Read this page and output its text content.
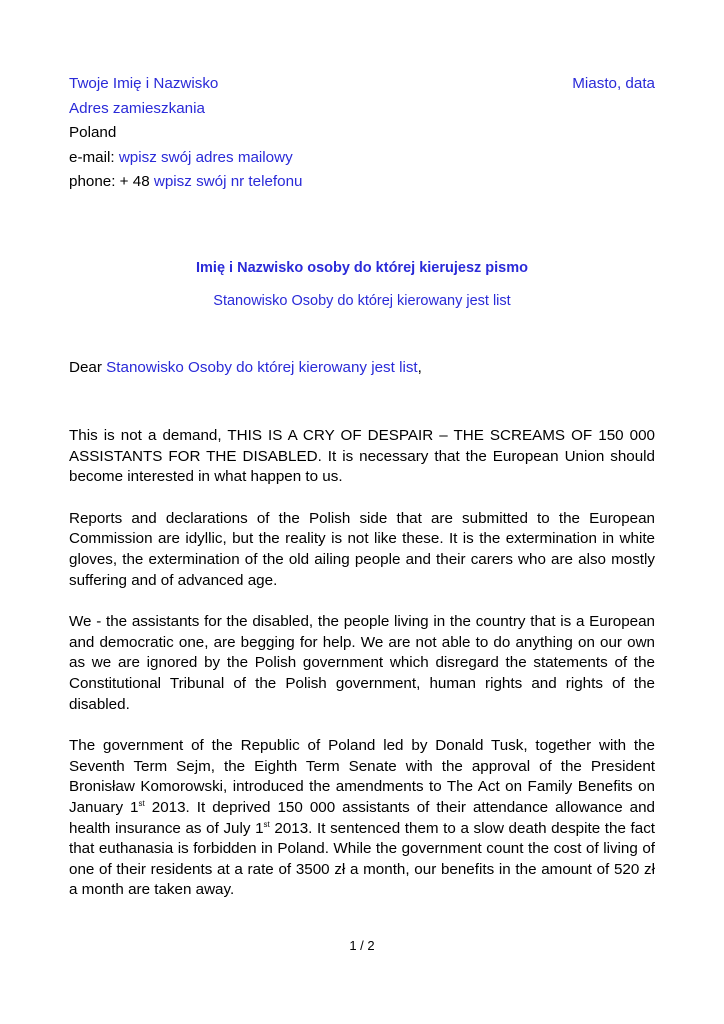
Twoje Imię i Nazwisko
Adres zamieszkania
Poland
e-mail: wpisz swój adres mailowy
phone: + 48 wpisz swój nr telefonu
Miasto, data
Imię i Nazwisko osoby do której kierujesz pismo
Stanowisko Osoby do której kierowany jest list
Dear Stanowisko Osoby do której kierowany jest list,

This is not a demand, THIS IS A CRY OF DESPAIR – THE SCREAMS OF 150 000 ASSISTANTS FOR THE DISABLED. It is necessary that the European Union should become interested in what happen to us.

Reports and declarations of the Polish side that are submitted to the European Commission are idyllic, but the reality is not like these. It is the extermination in white gloves, the extermination of the old ailing people and their carers who are also mostly suffering and of advanced age.

We - the assistants for the disabled, the people living in the country that is a European and democratic one, are begging for help. We are not able to do anything on our own as we are ignored by the Polish government which disregard the statements of the Constitutional Tribunal of the Polish government, human rights and rights of the disabled.

The government of the Republic of Poland led by Donald Tusk, together with the Seventh Term Sejm, the Eighth Term Senate with the approval of the President Bronisław Komorowski, introduced the amendments to The Act on Family Benefits on January 1st 2013. It deprived 150 000 assistants of their attendance allowance and health insurance as of July 1st 2013. It sentenced them to a slow death despite the fact that euthanasia is forbidden in Poland. While the government count the cost of living of one of their residents at a rate of 3500 zł a month, our benefits in the amount of 520 zł a month are taken away.

1 / 2
